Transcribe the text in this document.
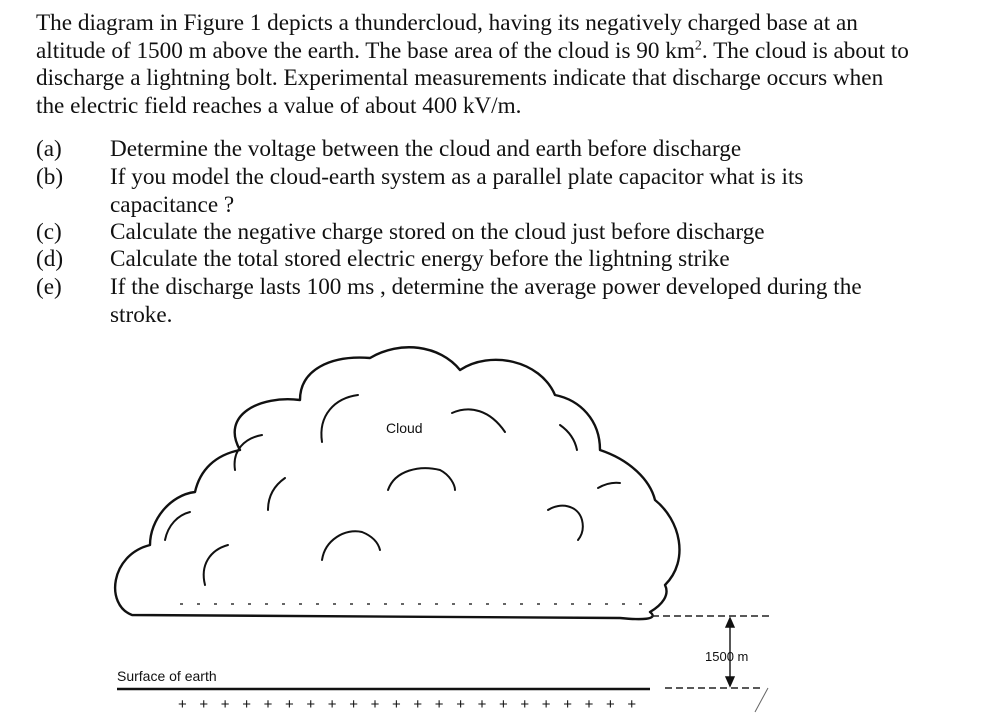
The diagram in Figure 1 depicts a thundercloud, having its negatively charged base at an altitude of 1500 m above the earth. The base area of the cloud is 90 $km^2$. The cloud is about to discharge a lightning bolt. Experimental measurements indicate that discharge occurs when the electric field reaches a value of about 400 kV/m.

(a) Determine the voltage between the cloud and earth before discharge
(b) If you model the cloud-earth system as a parallel plate capacitor what is its capacitance ?
(c) Calculate the negative charge stored on the cloud just before discharge
(d) Calculate the total stored electric energy before the lightning strike
(e) If the discharge lasts 100 ms , determine the average power developed during the stroke.
Cloud
1500 m
Surface of earth
+ + + + + + + + + + + + + + + + + + + + + +
